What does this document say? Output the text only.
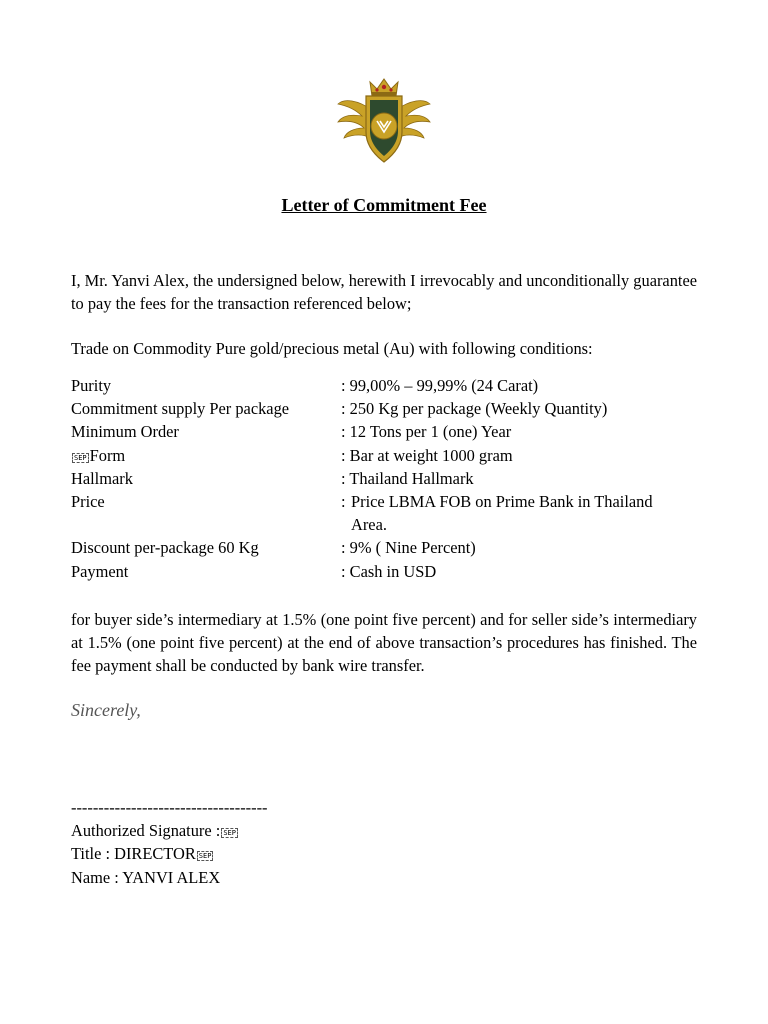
Letter of Commitment Fee
I, Mr. Yanvi Alex, the undersigned below, herewith I irrevocably and unconditionally guarantee to pay the fees for the transaction referenced below;
Trade on Commodity Pure gold/precious metal (Au) with following conditions:
Purity	: 99,00% – 99,99% (24 Carat)
Commitment supply Per package	: 250 Kg per package (Weekly Quantity)
Minimum Order	: 12 Tons per 1 (one) Year
SEP Form	: Bar at weight 1000 gram
Hallmark	: Thailand Hallmark
Price	: Price LBMA FOB on Prime Bank in Thailand Area.
Discount per-package 60 Kg	: 9% ( Nine Percent)
Payment	: Cash in USD
for buyer side’s intermediary at 1.5% (one point five percent) and for seller side’s intermediary at 1.5% (one point five percent) at the end of above transaction’s procedures has finished. The fee payment shall be conducted by bank wire transfer.
Sincerely,
------------------------------------
Authorized Signature : SEP
Title : DIRECTOR SEP
Name : YANVI ALEX
